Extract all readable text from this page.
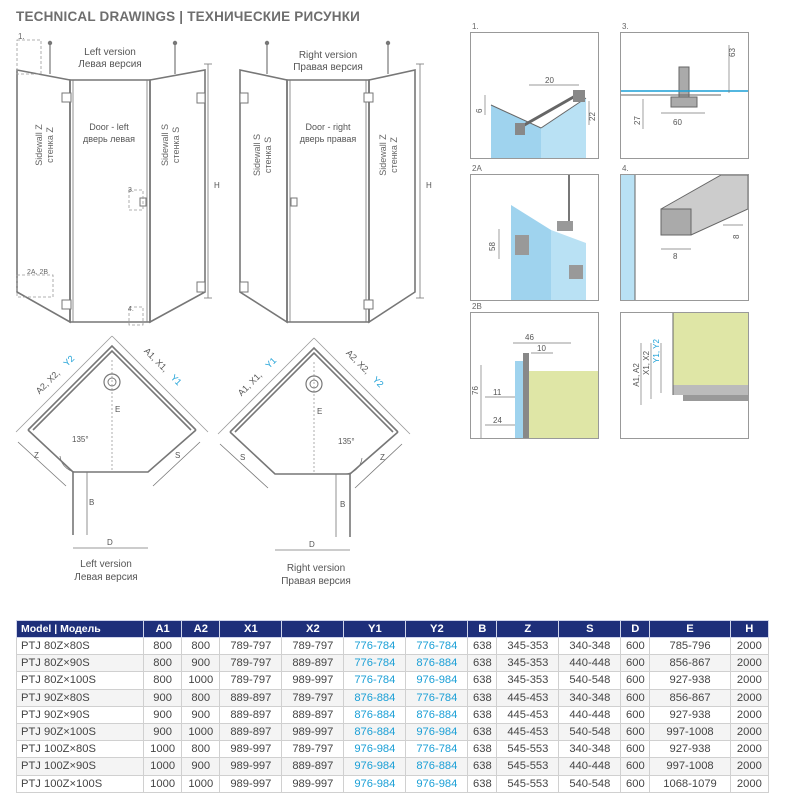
TECHNICAL DRAWINGS | ТЕХНИЧЕСКИЕ РИСУНКИ
1.
Left version
Левая версия
Sidewall Z стенка Z
Door - left
дверь левая	Sidewall S стенка S
H
3.
2A, 2B
4.
Right version
Правая версия
Sidewall S стенка S
Door - right
дверь правая Sidewall Z стенка Z
H
A2, X2,
Y2	A1, X1,
Y1
E
135°
Z	S
B
D
Left version
Левая версия
A1, X1,
Y1	A2, X2,
Y2
E
135°
S	Z
B
D
Right version
Правая версия
1.
20
6
22
3.
63
27	60
2A
58
4.
8
8
2B
46
10
76 11
24
A1, A2 X1, X2 Y1, Y2
Model | Модель	A1	A2	X1	X2	Y1	Y2	B	Z	S	D	E	H
PTJ 80Z×80S	800	800	789-797	789-797	776-784	776-784	638	345-353	340-348	600	785-796	2000
PTJ 80Z×90S	800	900	789-797	889-897	776-784	876-884	638	345-353	440-448	600	856-867	2000
PTJ 80Z×100S	800	1000	789-797	989-997	776-784	976-984	638	345-353	540-548	600	927-938	2000
PTJ 90Z×80S	900	800	889-897	789-797	876-884	776-784	638	445-453	340-348	600	856-867	2000
PTJ 90Z×90S	900	900	889-897	889-897	876-884	876-884	638	445-453	440-448	600	927-938	2000
PTJ 90Z×100S	900	1000	889-897	989-997	876-884	976-984	638	445-453	540-548	600	997-1008	2000
PTJ 100Z×80S	1000	800	989-997	789-797	976-984	776-784	638	545-553	340-348	600	927-938	2000
PTJ 100Z×90S	1000	900	989-997	889-897	976-984	876-884	638	545-553	440-448	600	997-1008	2000
PTJ 100Z×100S	1000	1000	989-997	989-997	976-984	976-984	638	545-553	540-548	600	1068-1079	2000
